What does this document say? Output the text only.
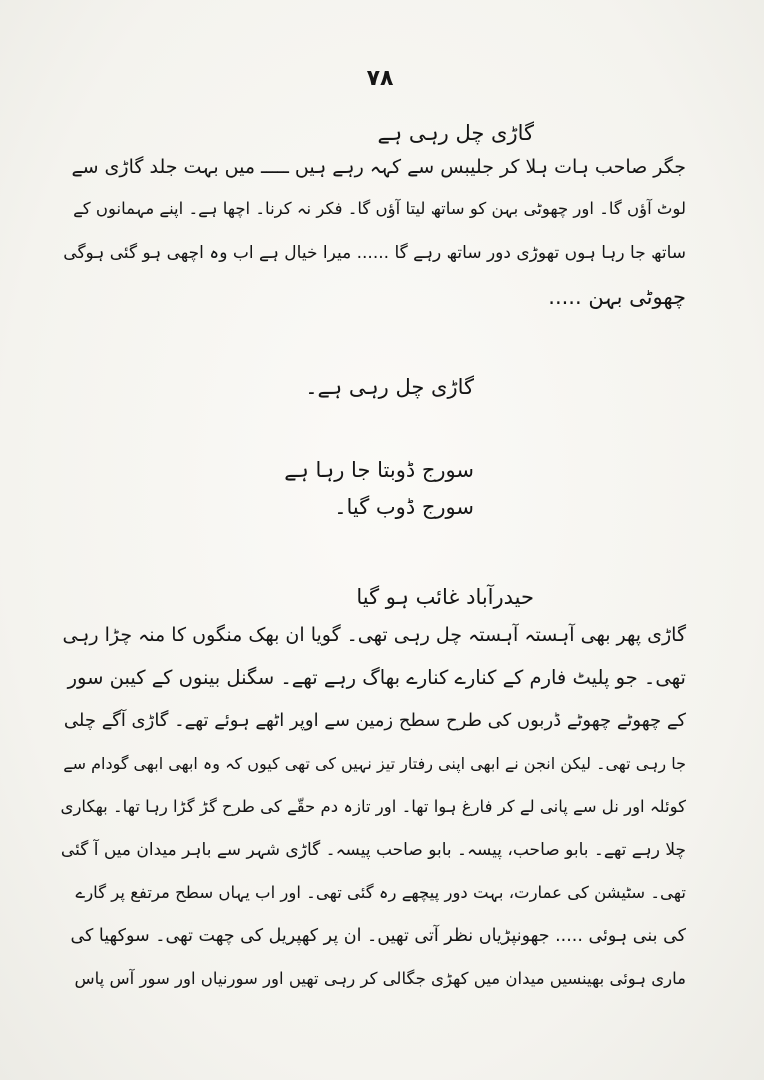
۷۸
گاڑی چل رہی ہے
جگر صاحب ہات ہلا کر جلیبس سے کہہ رہے ہیں ـــــ میں بہت جلد گاڑی سے
لوٹ آؤں گا۔ اور چھوٹی بہن کو ساتھ لیتا آؤں گا۔ فکر نہ کرنا۔ اچھا ہے۔ اپنے مہمانوں کے
ساتھ جا رہا ہوں تھوڑی دور ساتھ رہے گا ...... میرا خیال ہے اب وہ اچھی ہو گئی ہوگی
چھوٹی بہن .....
گاڑی چل رہی ہے۔
سورج ڈوبتا جا رہا ہے
سورج ڈوب گیا۔
حیدرآباد غائب ہو گیا
گاڑی پھر بھی آہستہ آہستہ چل رہی تھی۔ گویا ان بھک منگوں کا منہ چڑا رہی
تھی۔ جو پلیٹ فارم کے کنارے کنارے بھاگ رہے تھے۔ سگنل بینوں کے کیبن سور
کے چھوٹے چھوٹے ڈربوں کی طرح سطح زمین سے اوپر اٹھے ہوئے تھے۔ گاڑی آگے چلی
جا رہی تھی۔ لیکن انجن نے ابھی اپنی رفتار تیز نہیں کی تھی کیوں کہ وہ ابھی ابھی گودام سے
کوئلہ اور نل سے پانی لے کر فارغ ہوا تھا۔ اور تازہ دم حقّے کی طرح گڑ گڑا رہا تھا۔ بھکاری
چلا رہے تھے۔ بابو صاحب، پیسہ۔ بابو صاحب پیسہ۔ گاڑی شہر سے باہر میدان میں آ گئی
تھی۔ سٹیشن کی عمارت، بہت دور پیچھے رہ گئی تھی۔ اور اب یہاں سطح مرتفع پر گارے
کی بنی ہوئی ..... جھونپڑیاں نظر آتی تھیں۔ ان پر کھپریل کی چھت تھی۔ سوکھیا کی
ماری ہوئی بھینسیں میدان میں کھڑی جگالی کر رہی تھیں اور سورنیاں اور سور آس پاس
